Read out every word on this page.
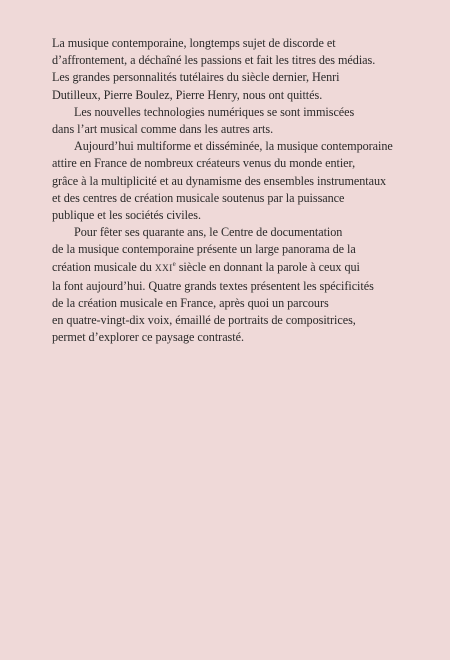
La musique contemporaine, longtemps sujet de discorde et
d’affrontement, a déchaîné les passions et fait les titres des médias.
Les grandes personnalités tutélaires du siècle dernier, Henri
Dutilleux, Pierre Boulez, Pierre Henry, nous ont quittés.
Les nouvelles technologies numériques se sont immiscées
dans l’art musical comme dans les autres arts.
Aujourd’hui multiforme et disséminée, la musique contemporaine
attire en France de nombreux créateurs venus du monde entier,
grâce à la multiplicité et au dynamisme des ensembles instrumentaux
et des centres de création musicale soutenus par la puissance
publique et les sociétés civiles.
Pour fêter ses quarante ans, le Centre de documentation
de la musique contemporaine présente un large panorama de la
création musicale du XXIe siècle en donnant la parole à ceux qui
la font aujourd’hui. Quatre grands textes présentent les spécificités
de la création musicale en France, après quoi un parcours
en quatre-vingt-dix voix, émaillé de portraits de compositrices,
permet d’explorer ce paysage contrasté.
